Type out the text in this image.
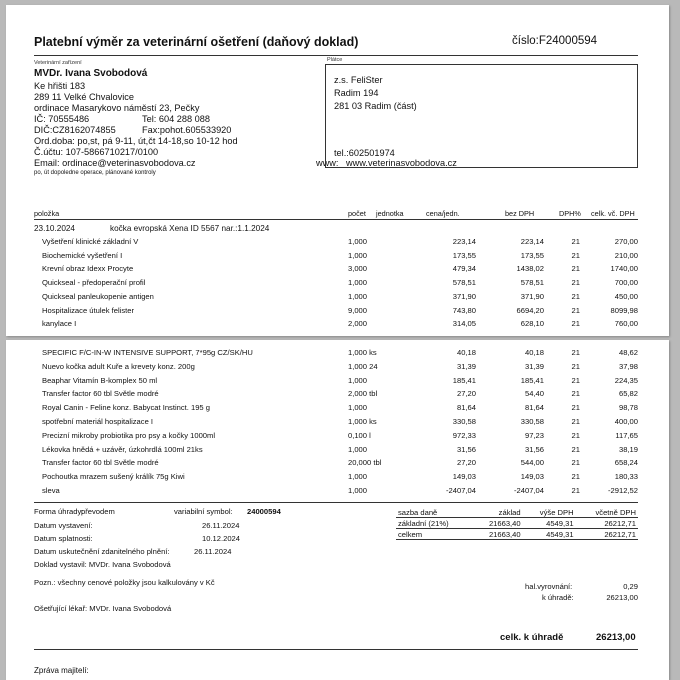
Platební výměr za veterinární ošetření (daňový doklad)	číslo:F24000594
Veterinární zařízení
MVDr. Ivana Svobodová
Ke hřišti 183
289 11 Velké Chvalovice
ordinace Masarykovo náměstí 23, Pečky
IČ: 70555486	Tel: 604 288 088
DIČ:CZ8162074855	Fax:pohot.605533920
Ord.doba: po,st, pá 9-11, út,čt 14-18,so 10-12 hod
Č.účtu: 107-5866710217/0100
Email: ordinace@veterinasvobodova.cz
po, út dopoledne operace, plánované kontroly
www: www.veterinasvobodova.cz
Plátce
z.s. FeliSter
Radim 194
281 03 Radim (část)
tel.:602501974
položka	počet jednotka	cena/jedn.	bez DPH	DPH% celk. vč. DPH
23.10.2024	kočka evropská Xena ID 5567 nar.:1.1.2024
Vyšetření klinické základní V	1,000	223,14	223,14	21	270,00
Biochemické vyšetření I	1,000	173,55	173,55	21	210,00
Krevní obraz Idexx Procyte	3,000	479,34	1438,02	21	1740,00
Quickseal - předoperační profil	1,000	578,51	578,51	21	700,00
Quickseal panleukopenie antigen	1,000	371,90	371,90	21	450,00
Hospitalizace útulek felister	9,000	743,80	6694,20	21	8099,98
kanylace I	2,000	314,05	628,10	21	760,00
SPECIFIC F/C-IN-W INTENSIVE SUPPORT, 7*95g CZ/SK/HU	1,000 ks	40,18	40,18	21	48,62
Nuevo kočka adult Kuře a krevety konz. 200g	1,000 24	31,39	31,39	21	37,98
Beaphar Vitamín B-komplex 50 ml	1,000	185,41	185,41	21	224,35
Transfer factor 60 tbl Světle modré	2,000 tbl	27,20	54,40	21	65,82
Royal Canin - Feline konz. Babycat Instinct. 195 g	1,000	81,64	81,64	21	98,78
spotřební materiál hospitalizace I	1,000 ks	330,58	330,58	21	400,00
Precizní mikroby probiotika pro psy a kočky 1000ml	0,100 l	972,33	97,23	21	117,65
Lékovka hnědá + uzávěr, úzkohrdlá 100ml 21ks	1,000	31,56	31,56	21	38,19
Transfer factor 60 tbl Světle modré	20,000 tbl	27,20	544,00	21	658,24
Pochoutka mrazem sušený králík 75g Kiwi	1,000	149,03	149,03	21	180,33
sleva	1,000	-2407,04	-2407,04	21	-2912,52
Forma úhrady:
převodem	variabilní symbol: 24000594
Datum vystavení:	26.11.2024
Datum splatnosti:	10.12.2024
Datum uskutečnění zdanitelného plnění:	26.11.2024
Doklad vystavil: MVDr. Ivana Svobodová
Pozn.: všechny cenové položky jsou kalkulovány v Kč
Ošetřující lékař: MVDr. Ivana Svobodová
sazba daně	základ	výše DPH	včetně DPH
základní (21%)	21663,40	4549,31	26212,71
celkem	21663,40	4549,31	26212,71
hal.vyrovnání:	0,29
k úhradě:	26213,00
celk. k úhradě	26213,00
Zpráva majitelí:
